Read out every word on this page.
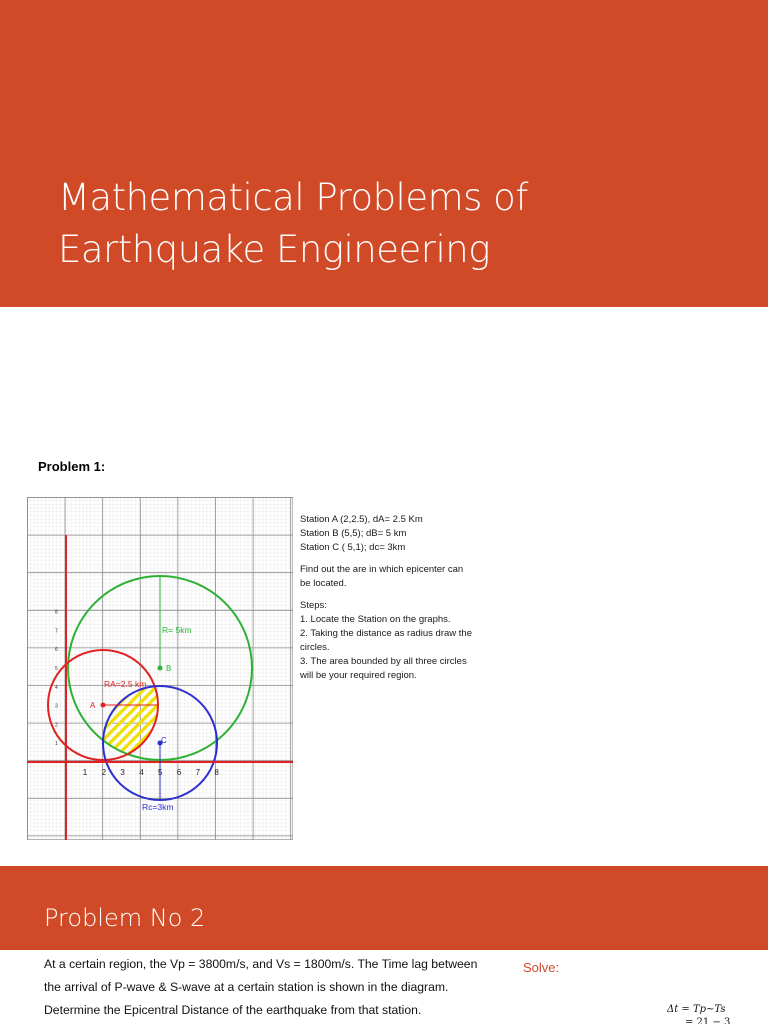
Mathematical Problems of
Earthquake Engineering
Problem 1:
A
B
C
RA=2.5 km
R= 5km
Rc=3km
1 2 3 4 5 6 7 8
1
2
3
4
5
6
7
8
Station A (2,2.5), dA= 2.5 Km
Station B (5,5); dB= 5 km
Station C ( 5,1); dc= 3km
Find out the are in which epicenter can
be located.
Steps:
1. Locate the Station on the graphs.
2. Taking the distance as radius draw the
circles.
3. The area bounded by all three circles
will be your required region.
Problem No 2
At a certain region, the Vp = 3800m/s, and Vs = 1800m/s. The Time lag between
the arrival of P-wave & S-wave at a certain station is shown in the diagram.
Determine the Epicentral Distance of the earthquake from that station.
Solve:
Δt = Tp~Ts
= 21 − 3
